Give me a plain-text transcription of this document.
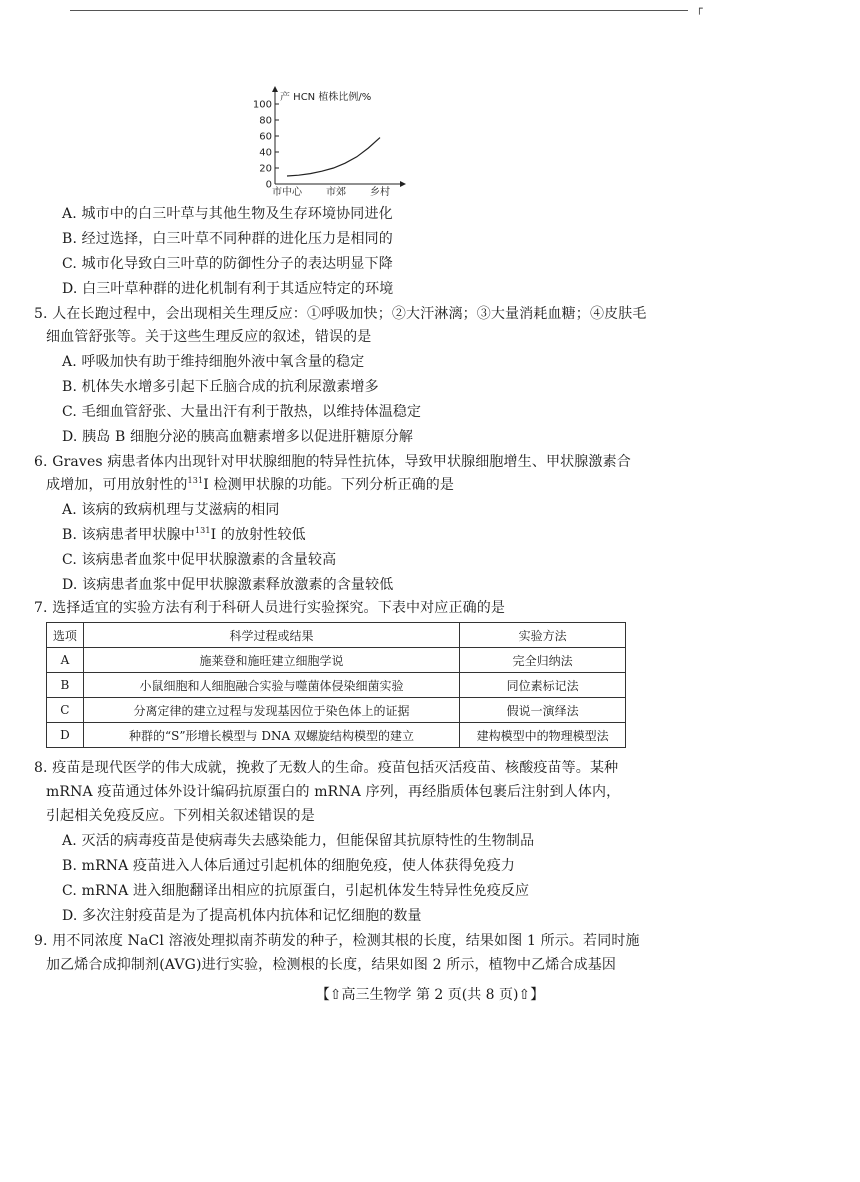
┌
0
20
40
60
80
100
产 HCN 植株比例/%
市中心 市郊 乡村
A. 城市中的白三叶草与其他生物及生存环境协同进化
B. 经过选择，白三叶草不同种群的进化压力是相同的
C. 城市化导致白三叶草的防御性分子的表达明显下降
D. 白三叶草种群的进化机制有利于其适应特定的环境
5. 人在长跑过程中，会出现相关生理反应：①呼吸加快；②大汗淋漓；③大量消耗血糖；④皮肤毛
细血管舒张等。关于这些生理反应的叙述，错误的是
A. 呼吸加快有助于维持细胞外液中氧含量的稳定
B. 机体失水增多引起下丘脑合成的抗利尿激素增多
C. 毛细血管舒张、大量出汗有利于散热，以维持体温稳定
D. 胰岛 B 细胞分泌的胰高血糖素增多以促进肝糖原分解
6. Graves 病患者体内出现针对甲状腺细胞的特异性抗体，导致甲状腺细胞增生、甲状腺激素合
成增加，可用放射性的$^{131}$I 检测甲状腺的功能。下列分析正确的是
A. 该病的致病机理与艾滋病的相同
B. 该病患者甲状腺中$^{131}$I 的放射性较低
C. 该病患者血浆中促甲状腺激素的含量较高
D. 该病患者血浆中促甲状腺激素释放激素的含量较低
7. 选择适宜的实验方法有利于科研人员进行实验探究。下表中对应正确的是
选项	科学过程或结果	实验方法
A	施莱登和施旺建立细胞学说	完全归纳法
B	小鼠细胞和人细胞融合实验与噬菌体侵染细菌实验	同位素标记法
C	分离定律的建立过程与发现基因位于染色体上的证据	假说一演绎法
D	种群的“S”形增长模型与 DNA 双螺旋结构模型的建立	建构模型中的物理模型法
8. 疫苗是现代医学的伟大成就，挽救了无数人的生命。疫苗包括灭活疫苗、核酸疫苗等。某种
mRNA 疫苗通过体外设计编码抗原蛋白的 mRNA 序列，再经脂质体包裹后注射到人体内，
引起相关免疫反应。下列相关叙述错误的是
A. 灭活的病毒疫苗是使病毒失去感染能力，但能保留其抗原特性的生物制品
B. mRNA 疫苗进入人体后通过引起机体的细胞免疫，使人体获得免疫力
C. mRNA 进入细胞翻译出相应的抗原蛋白，引起机体发生特异性免疫反应
D. 多次注射疫苗是为了提高机体内抗体和记忆细胞的数量
9. 用不同浓度 NaCl 溶液处理拟南芥萌发的种子，检测其根的长度，结果如图 1 所示。若同时施
加乙烯合成抑制剂(AVG)进行实验，检测根的长度，结果如图 2 所示，植物中乙烯合成基因
【⇧高三生物学 第 2 页(共 8 页)⇧】
